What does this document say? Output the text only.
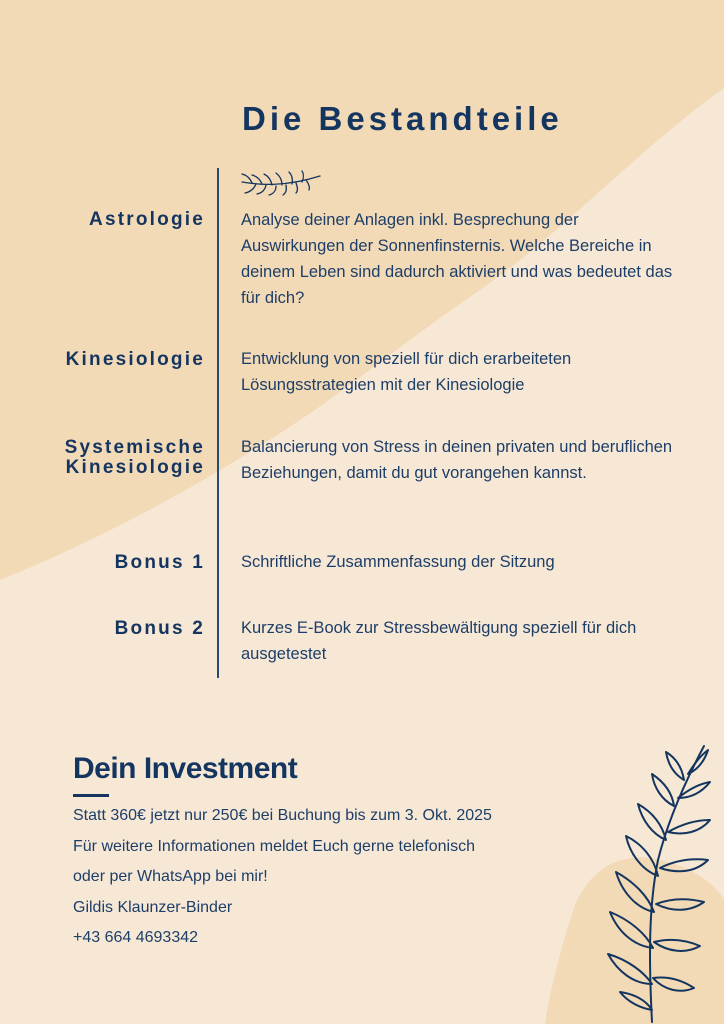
Die Bestandteile
Astrologie Analyse deiner Anlagen inkl. Besprechung der Auswirkungen der Sonnenfinsternis. Welche Bereiche in deinem Leben sind dadurch aktiviert und was bedeutet das für dich?
Kinesiologie Entwicklung von speziell für dich erarbeiteten Lösungsstrategien mit der Kinesiologie
Systemische
Kinesiologie
Balancierung von Stress in deinen privaten und beruflichen Beziehungen, damit du gut vorangehen kannst.
Bonus 1 Schriftliche Zusammenfassung der Sitzung
Bonus 2 Kurzes E-Book zur Stressbewältigung speziell für dich ausgetestet
Dein Investment
Statt 360€ jetzt nur 250€ bei Buchung bis zum 3. Okt. 2025
Für weitere Informationen meldet Euch gerne telefonisch
oder per WhatsApp bei mir!
Gildis Klaunzer-Binder
+43 664 4693342
